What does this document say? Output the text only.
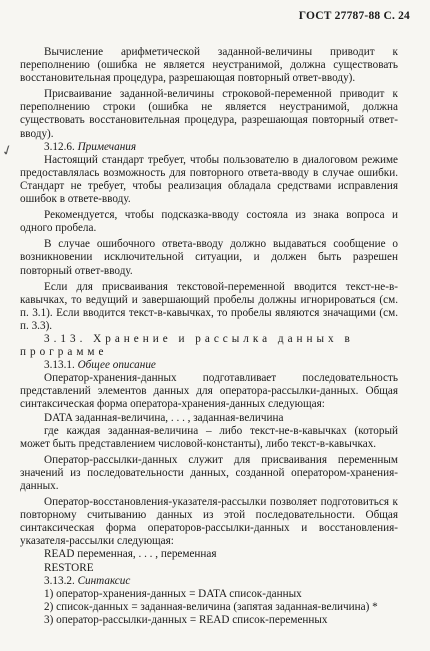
✓
ГОСТ 27787-88 С. 24

Вычисление арифметической заданной-величины приводит к переполнению (ошибка не является неустранимой, должна существовать восстановительная процедура, разрешающая повторный ответ-вводу).

Присваивание заданной-величины строковой-переменной приводит к переполнению строки (ошибка не является неустранимой, должна существовать восстановительная процедура, разрешающая повторный ответ-вводу).

3.12.6. Примечания

Настоящий стандарт требует, чтобы пользователю в диалоговом режиме предоставлялась возможность для повторного ответа-вводу в случае ошибки. Стандарт не требует, чтобы реализация обладала средствами исправления ошибок в ответе-вводу.

Рекомендуется, чтобы подсказка-вводу состояла из знака вопроса и одного пробела.

В случае ошибочного ответа-вводу должно выдаваться сообщение о возникновении исключительной ситуации, и должен быть разрешен повторный ответ-вводу.

Если для присваивания текстовой-переменной вводится текст-не-в-кавычках, то ведущий и завершающий пробелы должны игнорироваться (см. п. 3.1). Если вводится текст-в-кавычках, то пробелы являются значащими (см. п. 3.3).

3.13. Хранение и рассылка данных в программе

3.13.1. Общее описание

Оператор-хранения-данных подготавливает последовательность представлений элементов данных для оператора-рассылки-данных. Общая синтаксическая форма оператора-хранения-данных следующая:

DATA заданная-величина, . . . , заданная-величина

где каждая заданная-величина – либо текст-не-в-кавычках (который может быть представлением числовой-константы), либо текст-в-кавычках.

Оператор-рассылки-данных служит для присваивания переменным значений из последовательности данных, созданной оператором-хранения-данных.

Оператор-восстановления-указателя-рассылки позволяет подготовиться к повторному считыванию данных из этой последовательности. Общая синтаксическая форма операторов-рассылки-данных и восстановления-указателя-рассылки следующая:

READ переменная, . . . , переменная

RESTORE

3.13.2. Синтаксис

1) оператор-хранения-данных = DATA список-данных

2) список-данных = заданная-величина (запятая заданная-величина) *

3) оператор-рассылки-данных = READ список-переменных
